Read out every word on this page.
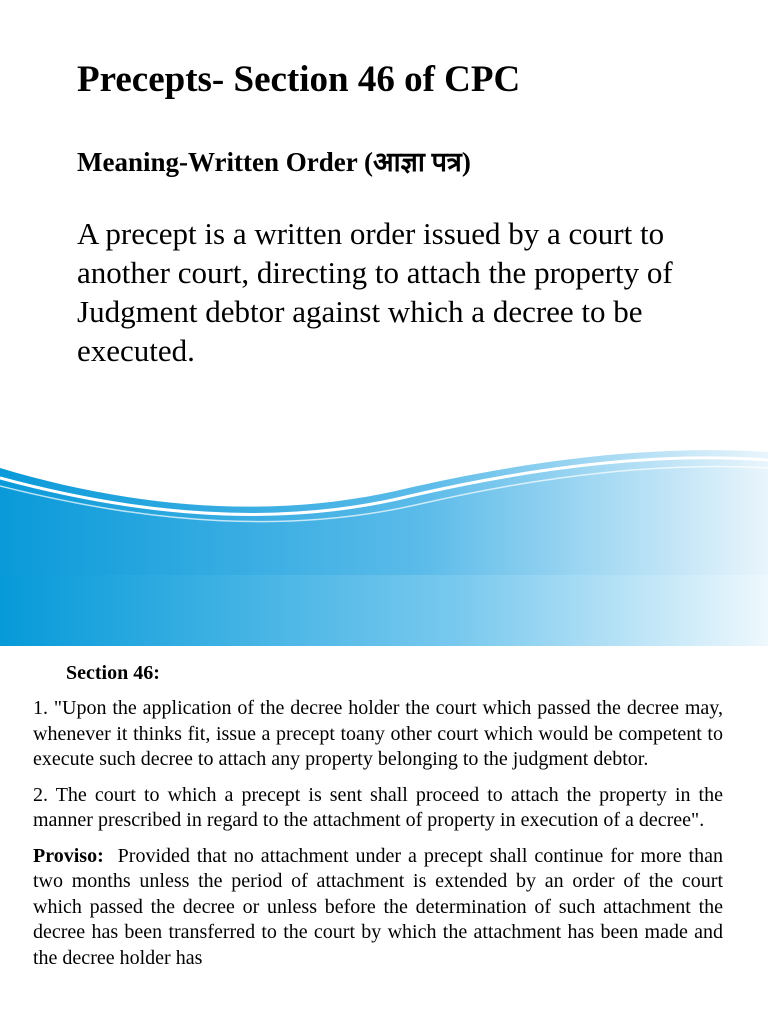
Precepts- Section 46 of CPC
Meaning-Written Order (आज्ञा पत्र)

A precept is a written order issued by a court to another court, directing to attach the property of Judgment debtor against which a decree to be executed.

Section 46:

1. "Upon the application of the decree holder the court which passed the decree may, whenever it thinks fit, issue a precept toany other court which would be competent to execute such decree to attach any property belonging to the judgment debtor.

2. The court to which a precept is sent shall proceed to attach the property in the manner prescribed in regard to the attachment of property in execution of a decree".

Proviso: Provided that no attachment under a precept shall continue for more than two months unless the period of attachment is extended by an order of the court which passed the decree or unless before the determination of such attachment the decree has been transferred to the court by which the attachment has been made and the decree holder has
